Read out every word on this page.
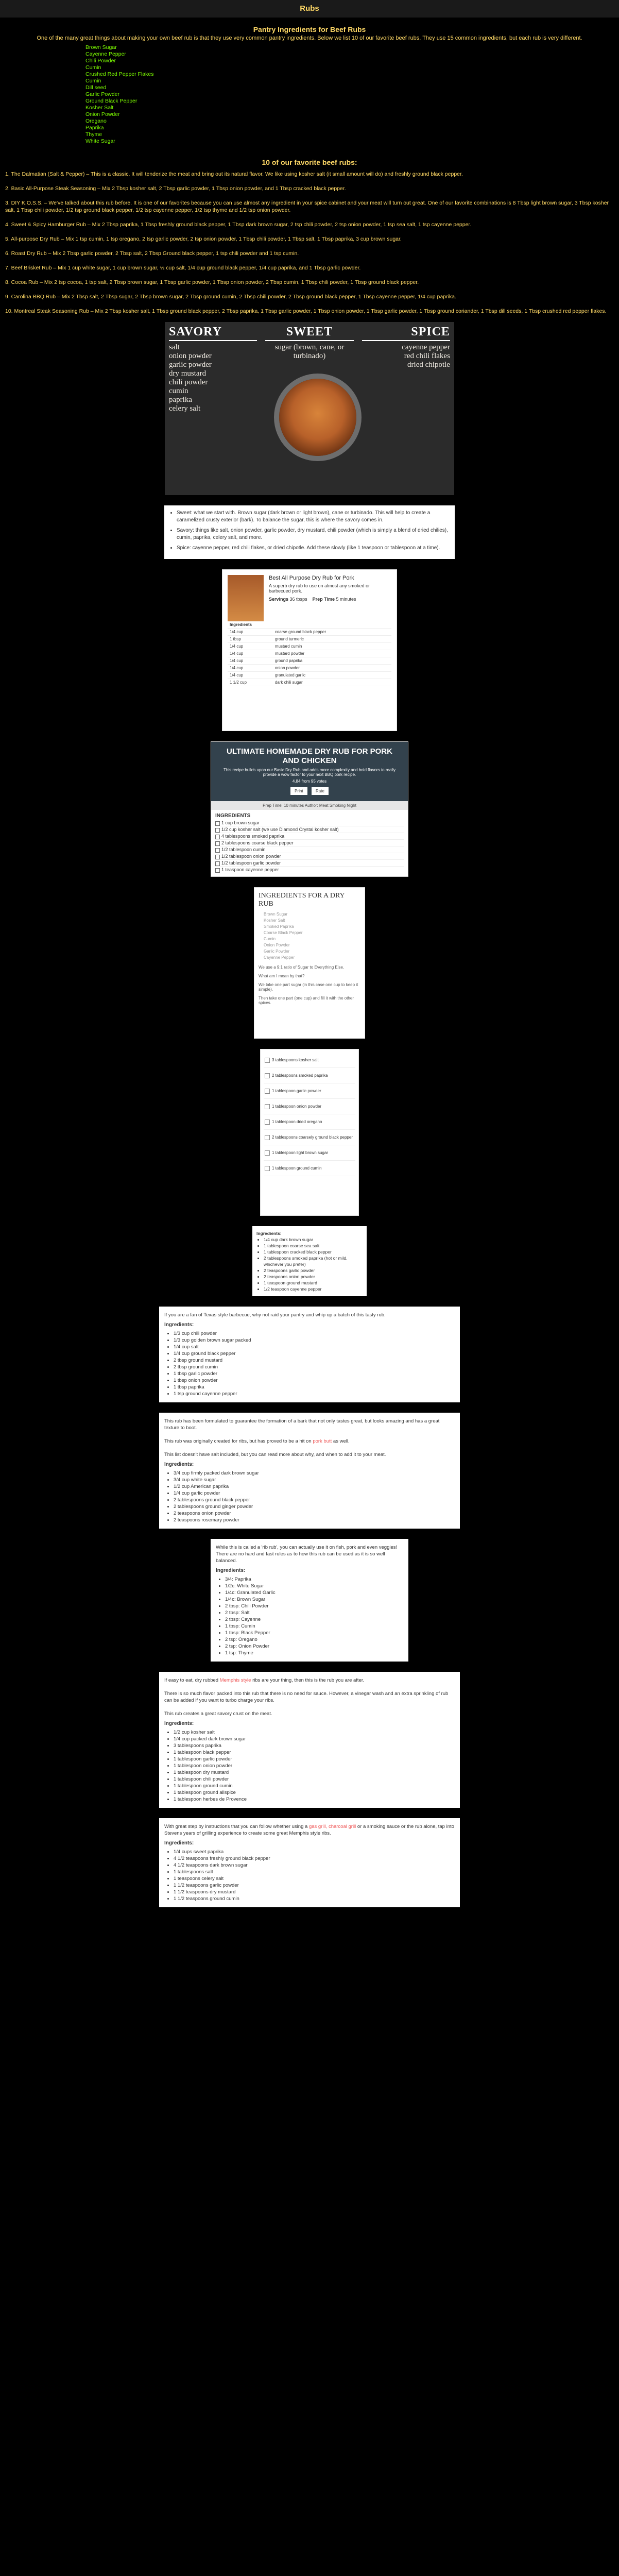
Rubs
Pantry Ingredients for Beef Rubs

One of the many great things about making your own beef rub is that they use very common pantry ingredients. Below we list 10 of our favorite beef rubs. They use 15 common ingredients, but each rub is very different.

Brown Sugar
Cayenne Pepper
Chili Powder
Cumin
Crushed Red Pepper Flakes
Cumin
Dill seed
Garlic Powder
Ground Black Pepper
Kosher Salt
Onion Powder
Oregano
Paprika
Thyme
White Sugar
10 of our favorite beef rubs:

1. The Dalmatian (Salt & Pepper) – This is a classic. It will tenderize the meat and bring out its natural flavor. We like using kosher salt (it small amount will do) and freshly ground black pepper.

2. Basic All-Purpose Steak Seasoning – Mix 2 Tbsp kosher salt, 2 Tbsp garlic powder, 1 Tbsp onion powder, and 1 Tbsp cracked black pepper.

3. DIY K.O.S.S. – We've talked about this rub before. It is one of our favorites because you can use almost any ingredient in your spice cabinet and your meat will turn out great. One of our favorite combinations is 8 Tbsp light brown sugar, 3 Tbsp kosher salt, 1 Tbsp chili powder, 1/2 tsp ground black pepper, 1/2 tsp cayenne pepper, 1/2 tsp thyme and 1/2 tsp onion powder.

4. Sweet & Spicy Hamburger Rub – Mix 2 Tbsp paprika, 1 Tbsp freshly ground black pepper, 1 Tbsp dark brown sugar, 2 tsp chili powder, 2 tsp onion powder, 1 tsp sea salt, 1 tsp cayenne pepper.

5. All-purpose Dry Rub – Mix 1 tsp cumin, 1 tsp oregano, 2 tsp garlic powder, 2 tsp onion powder, 1 Tbsp chili powder, 1 Tbsp salt, 1 Tbsp paprika, 3 cup brown sugar.

6. Roast Dry Rub – Mix 2 Tbsp garlic powder, 2 Tbsp salt, 2 Tbsp Ground black pepper, 1 tsp chili powder and 1 tsp cumin.

7. Beef Brisket Rub – Mix 1 cup white sugar, 1 cup brown sugar, ½ cup salt, 1/4 cup ground black pepper, 1/4 cup paprika, and 1 Tbsp garlic powder.

8. Cocoa Rub – Mix 2 tsp cocoa, 1 tsp salt, 2 Tbsp brown sugar, 1 Tbsp garlic powder, 1 Tbsp onion powder, 2 Tbsp cumin, 1 Tbsp chili powder, 1 Tbsp ground black pepper.

9. Carolina BBQ Rub – Mix 2 Tbsp salt, 2 Tbsp sugar, 2 Tbsp brown sugar, 2 Tbsp ground cumin, 2 Tbsp chili powder, 2 Tbsp ground black pepper, 1 Tbsp cayenne pepper, 1/4 cup paprika.

10. Montreal Steak Seasoning Rub – Mix 2 Tbsp kosher salt, 1 Tbsp ground black pepper, 2 Tbsp paprika, 1 Tbsp garlic powder, 1 Tbsp onion powder, 1 Tbsp garlic powder, 1 Tbsp ground coriander, 1 Tbsp dill seeds, 1 Tbsp crushed red pepper flakes.

SAVORY

salt
onion powder
garlic powder
dry mustard
chili powder
cumin
paprika
celery salt

SWEET

sugar (brown, cane, or turbinado)

SPICE

cayenne pepper
red chili flakes
dried chipotle

• Sweet: what we start with. Brown sugar (dark brown or light brown), cane or turbinado. This will help to create a caramelized crusty exterior (bark). To balance the sugar, this is where the savory comes in.
• Savory: things like salt, onion powder, garlic powder, dry mustard, chili powder (which is simply a blend of dried chilies), cumin, paprika, celery salt, and more.
• Spice: cayenne pepper, red chili flakes, or dried chipotle. Add these slowly (like 1 teaspoon or tablespoon at a time).
Best All Purpose Dry Rub for Pork

A superb dry rub to use on almost any smoked or barbecued pork.

Servings 36 tbsps Prep Time 5 minutes

Ingredients	
1/4 cup	coarse ground black pepper
1 tbsp	ground turmeric
1/4 cup	mustard cumin
1/4 cup	mustard powder
1/4 cup	ground paprika
1/4 cup	onion powder
1/4 cup	granulated garlic
1 1/2 cup	dark chili sugar
ULTIMATE HOMEMADE DRY RUB FOR PORK AND CHICKEN

This recipe builds upon our Basic Dry Rub and adds more complexity and bold flavors to really provide a wow factor to your next BBQ pork recipe.

4.84 from 95 votes

Print	Rate
Prep Time: 10 minutes Author: Meat Smoking Night
INGREDIENTS
1 cup brown sugar
1/2 cup kosher salt (we use Diamond Crystal kosher salt)
4 tablespoons smoked paprika
2 tablespoons coarse black pepper
1/2 tablespoon cumin
1/2 tablespoon onion powder
1/2 tablespoon garlic powder
1 teaspoon cayenne pepper
INGREDIENTS FOR A DRY RUB
Brown Sugar
Kosher Salt
Smoked Paprika
Coarse Black Pepper
Cumin
Onion Powder
Garlic Powder
Cayenne Pepper

We use a 9:1 ratio of Sugar to Everything Else.

What am I mean by that?

We take one part sugar (in this case one cup to keep it simple).

Then take one part (one cup) and fill it with the other spices.

3 tablespoons kosher salt
2 tablespoons smoked paprika
1 tablespoon garlic powder
1 tablespoon onion powder
1 tablespoon dried oregano
2 tablespoons coarsely ground black pepper
1 tablespoon light brown sugar
1 tablespoon ground cumin
Ingredients:
• 1/4 cup dark brown sugar
• 1 tablespoon coarse sea salt
• 1 tablespoon cracked black pepper
• 2 tablespoons smoked paprika (hot or mild, whichever you prefer)
• 2 teaspoons garlic powder
• 2 teaspoons onion powder
• 1 teaspoon ground mustard
• 1/2 teaspoon cayenne pepper

If you are a fan of Texas style barbecue, why not raid your pantry and whip up a batch of this tasty rub.

Ingredients:
• 1/3 cup chili powder
• 1/3 cup golden brown sugar packed
• 1/4 cup salt
• 1/4 cup ground black pepper
• 2 tbsp ground mustard
• 2 tbsp ground cumin
• 1 tbsp garlic powder
• 1 tbsp onion powder
• 1 tbsp paprika
• 1 tsp ground cayenne pepper

This rub has been formulated to guarantee the formation of a bark that not only tastes great, but looks amazing and has a great texture to boot.

This rub was originally created for ribs, but has proved to be a hit on pork butt as well.

This list doesn't have salt included, but you can read more about why, and when to add it to your meat.

Ingredients:
• 3/4 cup firmly packed dark brown sugar
• 3/4 cup white sugar
• 1/2 cup American paprika
• 1/4 cup garlic powder
• 2 tablespoons ground black pepper
• 2 tablespoons ground ginger powder
• 2 teaspoons onion powder
• 2 teaspoons rosemary powder

While this is called a 'rib rub', you can actually use it on fish, pork and even veggies! There are no hard and fast rules as to how this rub can be used as it is so well balanced.

Ingredients:
• 3/4: Paprika
• 1/2c: White Sugar
• 1/4c: Granulated Garlic
• 1/4c: Brown Sugar
• 2 tbsp: Chili Powder
• 2 tbsp: Salt
• 2 tbsp: Cayenne
• 1 tbsp: Cumin
• 1 tbsp: Black Pepper
• 2 tsp: Oregano
• 2 tsp: Onion Powder
• 1 tsp: Thyme

If easy to eat, dry rubbed Memphis style ribs are your thing, then this is the rub you are after.

There is so much flavor packed into this rub that there is no need for sauce. However, a vinegar wash and an extra sprinkling of rub can be added if you want to turbo charge your ribs.

This rub creates a great savory crust on the meat.

Ingredients:
• 1/2 cup kosher salt
• 1/4 cup packed dark brown sugar
• 3 tablespoons paprika
• 1 tablespoon black pepper
• 1 tablespoon garlic powder
• 1 tablespoon onion powder
• 1 tablespoon dry mustard
• 1 tablespoon chili powder
• 1 tablespoon ground cumin
• 1 tablespoon ground allspice
• 1 tablespoon herbes de Provence

With great step by instructions that you can follow whether using a gas grill, charcoal grill or a smoking sauce or the rub alone, tap into Stevens years of grilling experience to create some great Memphis style ribs.

Ingredients:
• 1/4 cups sweet paprika
• 4 1/2 teaspoons freshly ground black pepper
• 4 1/2 teaspoons dark brown sugar
• 1 tablespoons salt
• 1 teaspoons celery salt
• 1 1/2 teaspoons garlic powder
• 1 1/2 teaspoons dry mustard
• 1 1/2 teaspoons ground cumin
